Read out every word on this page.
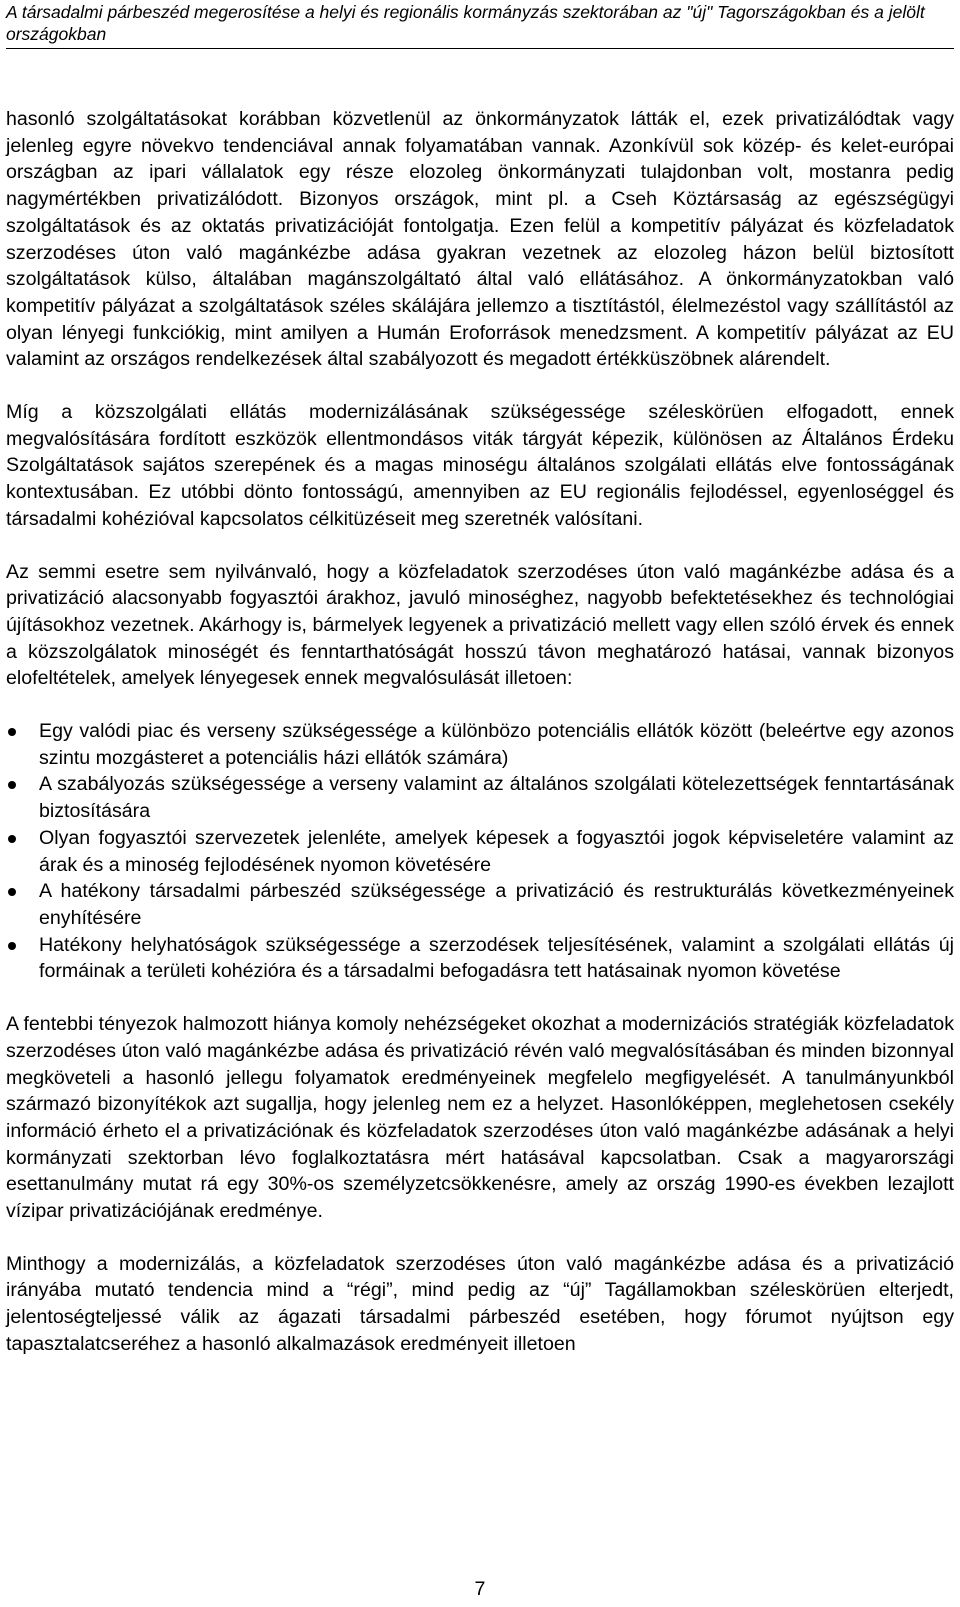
A társadalmi párbeszéd megerosítése a helyi és regionális kormányzás szektorában az "új" Tagországokban és a jelölt országokban

hasonló szolgáltatásokat korábban közvetlenül az önkormányzatok látták el, ezek privatizálódtak vagy jelenleg egyre növekvo tendenciával annak folyamatában vannak. Azonkívül sok közép- és kelet-európai országban az ipari vállalatok egy része elozoleg önkormányzati tulajdonban volt, mostanra pedig nagymértékben privatizálódott. Bizonyos országok, mint pl. a Cseh Köztársaság az egészségügyi szolgáltatások és az oktatás privatizációját fontolgatja. Ezen felül a kompetitív pályázat és közfeladatok szerzodéses úton való magánkézbe adása gyakran vezetnek az elozoleg házon belül biztosított szolgáltatások külso, általában magánszolgáltató által való ellátásához. A önkormányzatokban való kompetitív pályázat a szolgáltatások széles skálájára jellemzo a tisztítástól, élelmezéstol vagy szállítástól az olyan lényegi funkciókig, mint amilyen a Humán Eroforrások menedzsment. A kompetitív pályázat az EU valamint az országos rendelkezések által szabályozott és megadott értékküszöbnek alárendelt.

Míg a közszolgálati ellátás modernizálásának szükségessége széleskörüen elfogadott, ennek megvalósítására fordított eszközök ellentmondásos viták tárgyát képezik, különösen az Általános Érdeku Szolgáltatások sajátos szerepének és a magas minoségu általános szolgálati ellátás elve fontosságának kontextusában. Ez utóbbi dönto fontosságú, amennyiben az EU regionális fejlodéssel, egyenloséggel és társadalmi kohézióval kapcsolatos célkitüzéseit meg szeretnék valósítani.

Az semmi esetre sem nyilvánvaló, hogy a közfeladatok szerzodéses úton való magánkézbe adása és a privatizáció alacsonyabb fogyasztói árakhoz, javuló minoséghez, nagyobb befektetésekhez és technológiai újításokhoz vezetnek. Akárhogy is, bármelyek legyenek a privatizáció mellett vagy ellen szóló érvek és ennek a közszolgálatok minoségét és fenntarthatóságát hosszú távon meghatározó hatásai, vannak bizonyos elofeltételek, amelyek lényegesek ennek megvalósulását illetoen:

Egy valódi piac és verseny szükségessége a különbözo potenciális ellátók között (beleértve egy azonos szintu mozgásteret a potenciális házi ellátók számára)
A szabályozás szükségessége a verseny valamint az általános szolgálati kötelezettségek fenntartásának biztosítására
Olyan fogyasztói szervezetek jelenléte, amelyek képesek a fogyasztói jogok képviseletére valamint az árak és a minoség fejlodésének nyomon követésére
A hatékony társadalmi párbeszéd szükségessége a privatizáció és restrukturálás következményeinek enyhítésére
Hatékony helyhatóságok szükségessége a szerzodések teljesítésének, valamint a szolgálati ellátás új formáinak a területi kohézióra és a társadalmi befogadásra tett hatásainak nyomon követése

A fentebbi tényezok halmozott hiánya komoly nehézségeket okozhat a modernizációs stratégiák közfeladatok szerzodéses úton való magánkézbe adása és privatizáció révén való megvalósításában és minden bizonnyal megköveteli a hasonló jellegu folyamatok eredményeinek megfelelo megfigyelését. A tanulmányunkból származó bizonyítékok azt sugallja, hogy jelenleg nem ez a helyzet. Hasonlóképpen, meglehetosen csekély információ érheto el a privatizációnak és közfeladatok szerzodéses úton való magánkézbe adásának a helyi kormányzati szektorban lévo foglalkoztatásra mért hatásával kapcsolatban. Csak a magyarországi esettanulmány mutat rá egy 30%-os személyzetcsökkenésre, amely az ország 1990-es években lezajlott vízipar privatizációjának eredménye.

Minthogy a modernizálás, a közfeladatok szerzodéses úton való magánkézbe adása és a privatizáció irányába mutató tendencia mind a “régi”, mind pedig az “új” Tagállamokban széleskörüen elterjedt, jelentoségteljessé válik az ágazati társadalmi párbeszéd esetében, hogy fórumot nyújtson egy tapasztalatcseréhez a hasonló alkalmazások eredményeit illetoen

7
